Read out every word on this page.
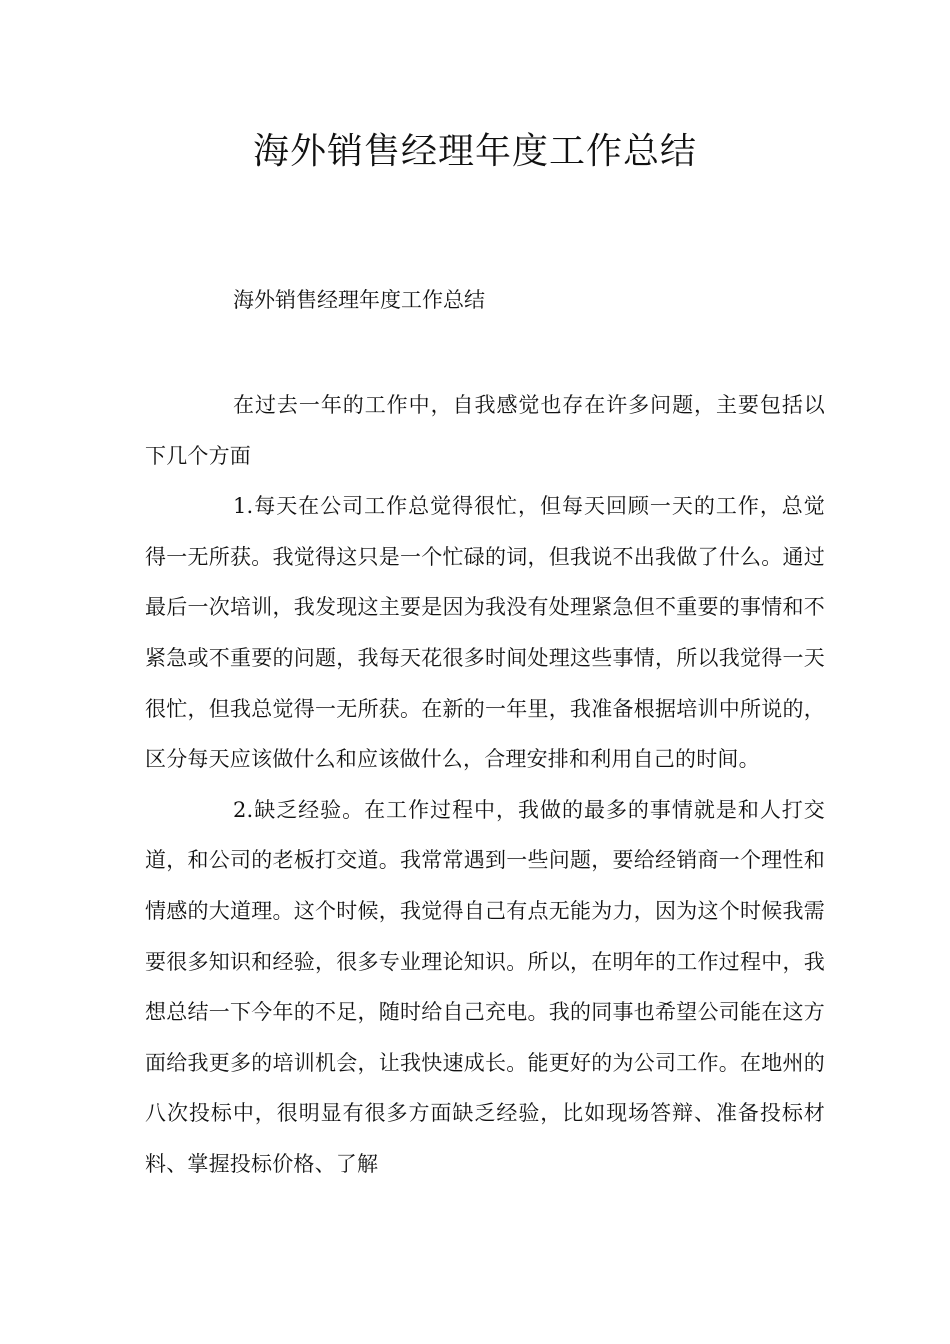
海外销售经理年度工作总结

海外销售经理年度工作总结

在过去一年的工作中，自我感觉也存在许多问题，主要包括以下几个方面

1.每天在公司工作总觉得很忙，但每天回顾一天的工作，总觉得一无所获。我觉得这只是一个忙碌的词，但我说不出我做了什么。通过最后一次培训，我发现这主要是因为我没有处理紧急但不重要的事情和不紧急或不重要的问题，我每天花很多时间处理这些事情，所以我觉得一天很忙，但我总觉得一无所获。在新的一年里，我准备根据培训中所说的，区分每天应该做什么和应该做什么，合理安排和利用自己的时间。

2.缺乏经验。在工作过程中，我做的最多的事情就是和人打交道，和公司的老板打交道。我常常遇到一些问题，要给经销商一个理性和情感的大道理。这个时候，我觉得自己有点无能为力，因为这个时候我需要很多知识和经验，很多专业理论知识。所以，在明年的工作过程中，我想总结一下今年的不足，随时给自己充电。我的同事也希望公司能在这方面给我更多的培训机会，让我快速成长。能更好的为公司工作。在地州的八次投标中，很明显有很多方面缺乏经验，比如现场答辩、准备投标材料、掌握投标价格、了解
